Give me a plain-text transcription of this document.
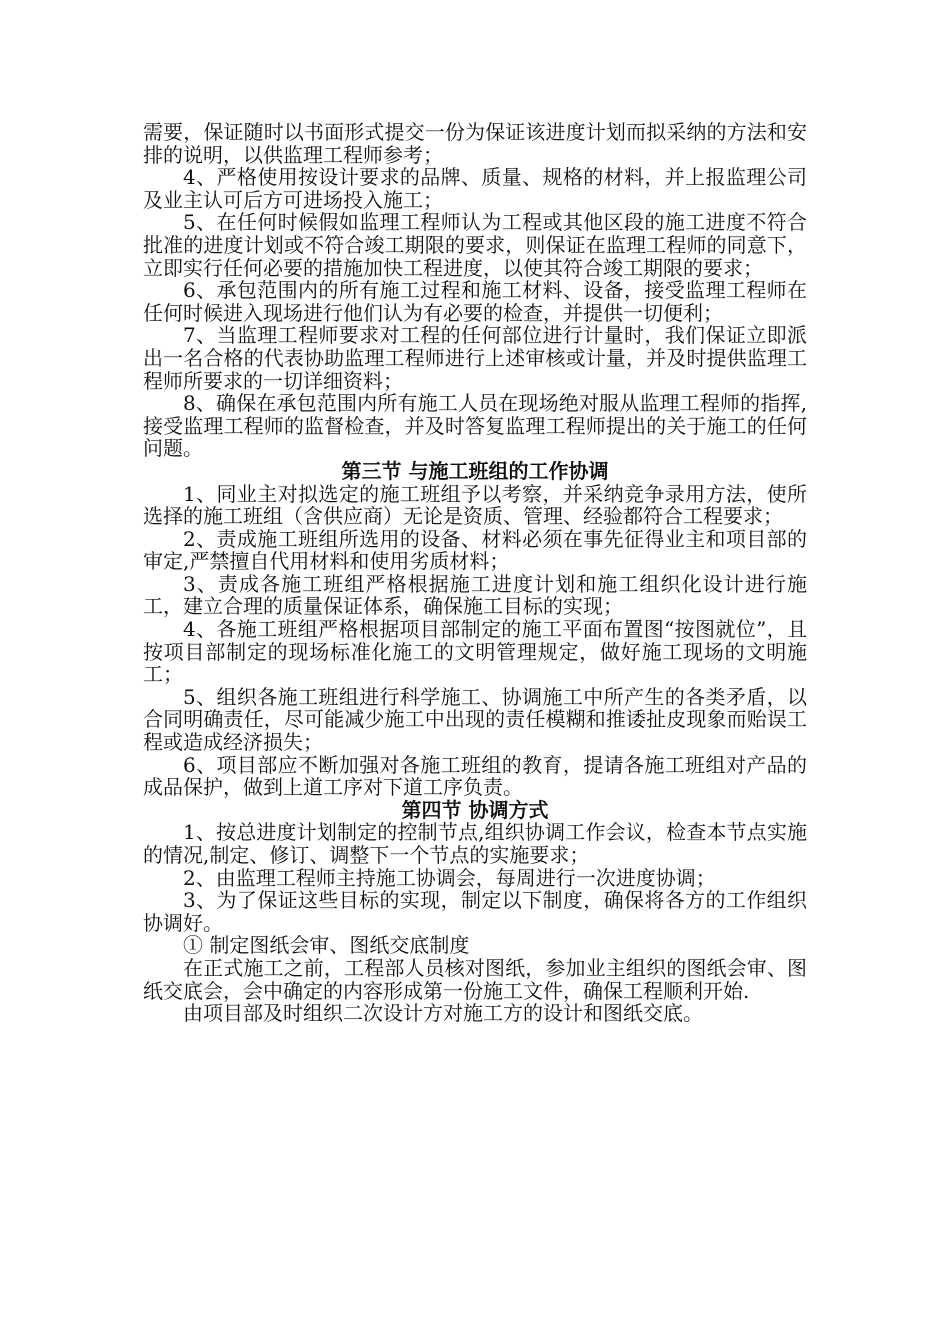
需要，保证随时以书面形式提交一份为保证该进度计划而拟采纳的方法和安排的说明，以供监理工程师参考；

4、严格使用按设计要求的品牌、质量、规格的材料，并上报监理公司及业主认可后方可进场投入施工；

5、在任何时候假如监理工程师认为工程或其他区段的施工进度不符合批准的进度计划或不符合竣工期限的要求，则保证在监理工程师的同意下，立即实行任何必要的措施加快工程进度，以使其符合竣工期限的要求；

6、承包范围内的所有施工过程和施工材料、设备，接受监理工程师在任何时候进入现场进行他们认为有必要的检查，并提供一切便利；

7、当监理工程师要求对工程的任何部位进行计量时，我们保证立即派出一名合格的代表协助监理工程师进行上述审核或计量，并及时提供监理工程师所要求的一切详细资料；

8、确保在承包范围内所有施工人员在现场绝对服从监理工程师的指挥,接受监理工程师的监督检查，并及时答复监理工程师提出的关于施工的任何问题。

第三节 与施工班组的工作协调

1、同业主对拟选定的施工班组予以考察，并采纳竞争录用方法，使所选择的施工班组（含供应商）无论是资质、管理、经验都符合工程要求；

2、责成施工班组所选用的设备、材料必须在事先征得业主和项目部的审定,严禁擅自代用材料和使用劣质材料；

3、责成各施工班组严格根据施工进度计划和施工组织化设计进行施工，建立合理的质量保证体系，确保施工目标的实现；

4、各施工班组严格根据项目部制定的施工平面布置图“按图就位”，且按项目部制定的现场标准化施工的文明管理规定，做好施工现场的文明施工；

5、组织各施工班组进行科学施工、协调施工中所产生的各类矛盾，以合同明确责任，尽可能减少施工中出现的责任模糊和推诿扯皮现象而贻误工程或造成经济损失；

6、项目部应不断加强对各施工班组的教育，提请各施工班组对产品的成品保护，做到上道工序对下道工序负责。

第四节 协调方式

1、按总进度计划制定的控制节点,组织协调工作会议，检查本节点实施的情况,制定、修订、调整下一个节点的实施要求；

2、由监理工程师主持施工协调会，每周进行一次进度协调；

3、为了保证这些目标的实现，制定以下制度，确保将各方的工作组织协调好。

① 制定图纸会审、图纸交底制度

在正式施工之前，工程部人员核对图纸，参加业主组织的图纸会审、图纸交底会，会中确定的内容形成第一份施工文件，确保工程顺利开始.

由项目部及时组织二次设计方对施工方的设计和图纸交底。
